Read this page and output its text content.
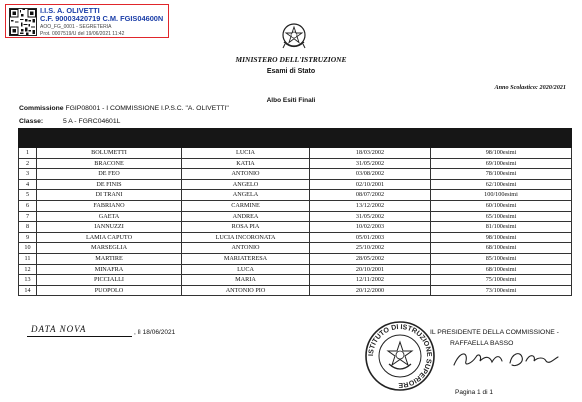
I.I.S. A. OLIVETTI
C.F. 90003420719 C.M. FGIS04600N
AOO_FG_0001 - SEGRETERIA
Prot. 0007519/U del 19/06/2021 11:42
MINISTERO DELL'ISTRUZIONE
Esami di Stato
Anno Scolastico: 2020/2021
Albo Esiti Finali
Commissione FGIP08001 - I COMMISSIONE I.P.S.C. "A. OLIVETTI"
Classe:	5 A - FGRC04601L

1	BOLUMETTI	LUCIA	18/03/2002	98/100esimi
2	BRACONE	KATIA	31/05/2002	69/100esimi
3	DE FEO	ANTONIO	03/08/2002	78/100esimi
4	DE FINIS	ANGELO	02/10/2001	62/100esimi
5	DI TRANI	ANGELA	08/07/2002	100/100esimi
6	FABRIANO	CARMINE	13/12/2002	60/100esimi
7	GAETA	ANDREA	31/05/2002	65/100esimi
8	IANNUZZI	ROSA PIA	10/02/2003	81/100esimi
9	LAMIA CAPUTO	LUCIA INCORONATA	05/01/2003	98/100esimi
10	MARSEGLIA	ANTONIO	25/10/2002	68/100esimi
11	MARTIRE	MARIATERESA	28/05/2002	85/100esimi
12	MINAFRA	LUCA	20/10/2001	68/100esimi
13	PICCIALLI	MARIA	12/11/2002	75/100esimi
14	PUOPOLO	ANTONIO PIO	20/12/2000	73/100esimi
DATA NOVA	, lì 18/06/2021
ISTITUTO DI ISTRUZIONE SUPERIORE
IL PRESIDENTE DELLA COMMISSIONE -
RAFFAELLA BASSO
Pagina 1 di 1
